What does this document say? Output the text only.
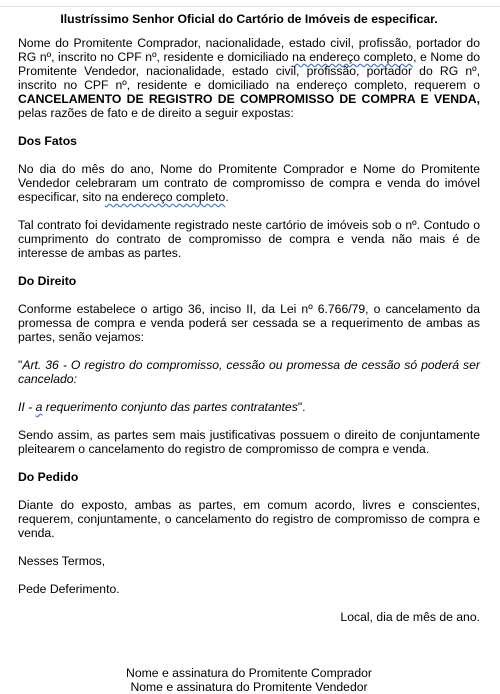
Ilustríssimo Senhor Oficial do Cartório de Imóveis de especificar.

Nome do Promitente Comprador, nacionalidade, estado civil, profissão, portador do RG nº, inscrito no CPF nº, residente e domiciliado na endereço completo, e Nome do Promitente Vendedor, nacionalidade, estado civil, profissão, portador do RG nº, inscrito no CPF nº, residente e domiciliado na endereço completo, requerem o CANCELAMENTO DE REGISTRO DE COMPROMISSO DE COMPRA E VENDA, pelas razões de fato e de direito a seguir expostas:

Dos Fatos

No dia do mês do ano, Nome do Promitente Comprador e Nome do Promitente Vendedor celebraram um contrato de compromisso de compra e venda do imóvel especificar, sito na endereço completo.

Tal contrato foi devidamente registrado neste cartório de imóveis sob o nº. Contudo o cumprimento do contrato de compromisso de compra e venda não mais é de interesse de ambas as partes.

Do Direito

Conforme estabelece o artigo 36, inciso II, da Lei nº 6.766/79, o cancelamento da promessa de compra e venda poderá ser cessada se a requerimento de ambas as partes, senão vejamos:

"Art. 36 - O registro do compromisso, cessão ou promessa de cessão só poderá ser cancelado:

II - a requerimento conjunto das partes contratantes".

Sendo assim, as partes sem mais justificativas possuem o direito de conjuntamente pleitearem o cancelamento do registro de compromisso de compra e venda.

Do Pedido

Diante do exposto, ambas as partes, em comum acordo, livres e conscientes, requerem, conjuntamente, o cancelamento do registro de compromisso de compra e venda.

Nesses Termos,

Pede Deferimento.

Local, dia de mês de ano.

Nome e assinatura do Promitente Comprador
Nome e assinatura do Promitente Vendedor
